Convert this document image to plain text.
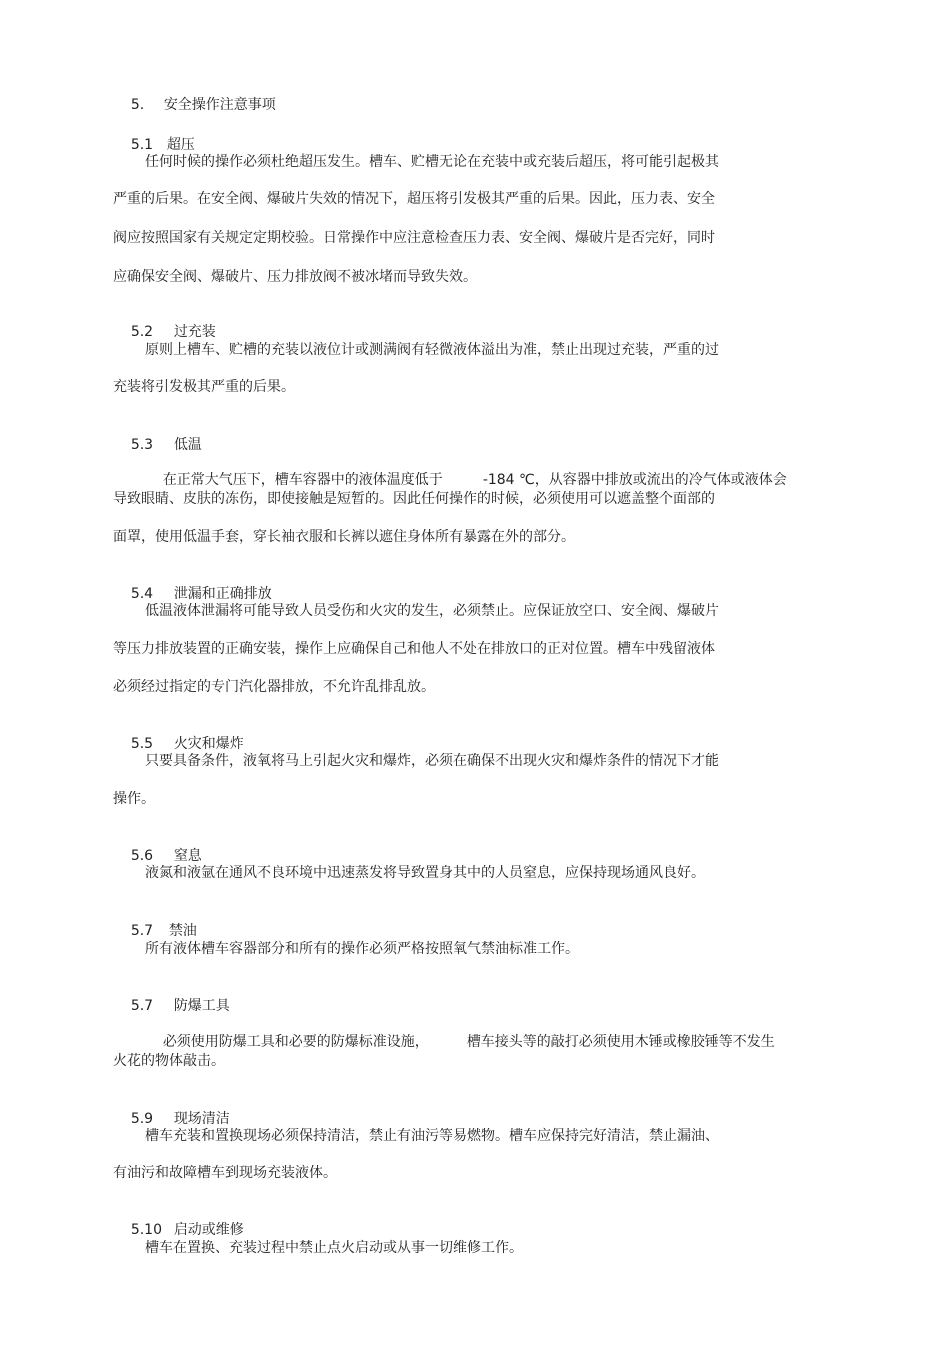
5. 安全操作注意事项

5.1 超压

任何时候的操作必须杜绝超压发生。槽车、贮槽无论在充装中或充装后超压，将可能引起极其
严重的后果。在安全阀、爆破片失效的情况下，超压将引发极其严重的后果。因此，压力表、安全
阀应按照国家有关规定定期校验。日常操作中应注意检查压力表、安全阀、爆破片是否完好，同时
应确保安全阀、爆破片、压力排放阀不被冰堵而导致失效。

5.2 过充装

原则上槽车、贮槽的充装以液位计或测满阀有轻微液体溢出为准，禁止出现过充装，严重的过
充装将引发极其严重的后果。

5.3 低温

在正常大气压下，槽车容器中的液体温度低于	-184 ℃，从容器中排放或流出的冷气体或液体会

导致眼睛、皮肤的冻伤，即使接触是短暂的。因此任何操作的时候，必须使用可以遮盖整个面部的
面罩，使用低温手套，穿长袖衣服和长裤以遮住身体所有暴露在外的部分。

5.4 泄漏和正确排放

低温液体泄漏将可能导致人员受伤和火灾的发生，必须禁止。应保证放空口、安全阀、爆破片
等压力排放装置的正确安装，操作上应确保自己和他人不处在排放口的正对位置。槽车中残留液体
必须经过指定的专门汽化器排放，不允许乱排乱放。

5.5 火灾和爆炸

只要具备条件，液氧将马上引起火灾和爆炸，必须在确保不出现火灾和爆炸条件的情况下才能
操作。

5.6 窒息

液氮和液氩在通风不良环境中迅速蒸发将导致置身其中的人员窒息，应保持现场通风良好。

5.7 禁油

所有液体槽车容器部分和所有的操作必须严格按照氧气禁油标准工作。

5.7 防爆工具

必须使用防爆工具和必要的防爆标准设施，	槽车接头等的敲打必须使用木锤或橡胶锤等不发生

火花的物体敲击。

5.9 现场清洁

槽车充装和置换现场必须保持清洁，禁止有油污等易燃物。槽车应保持完好清洁，禁止漏油、
有油污和故障槽车到现场充装液体。

5.10 启动或维修

槽车在置换、充装过程中禁止点火启动或从事一切维修工作。
